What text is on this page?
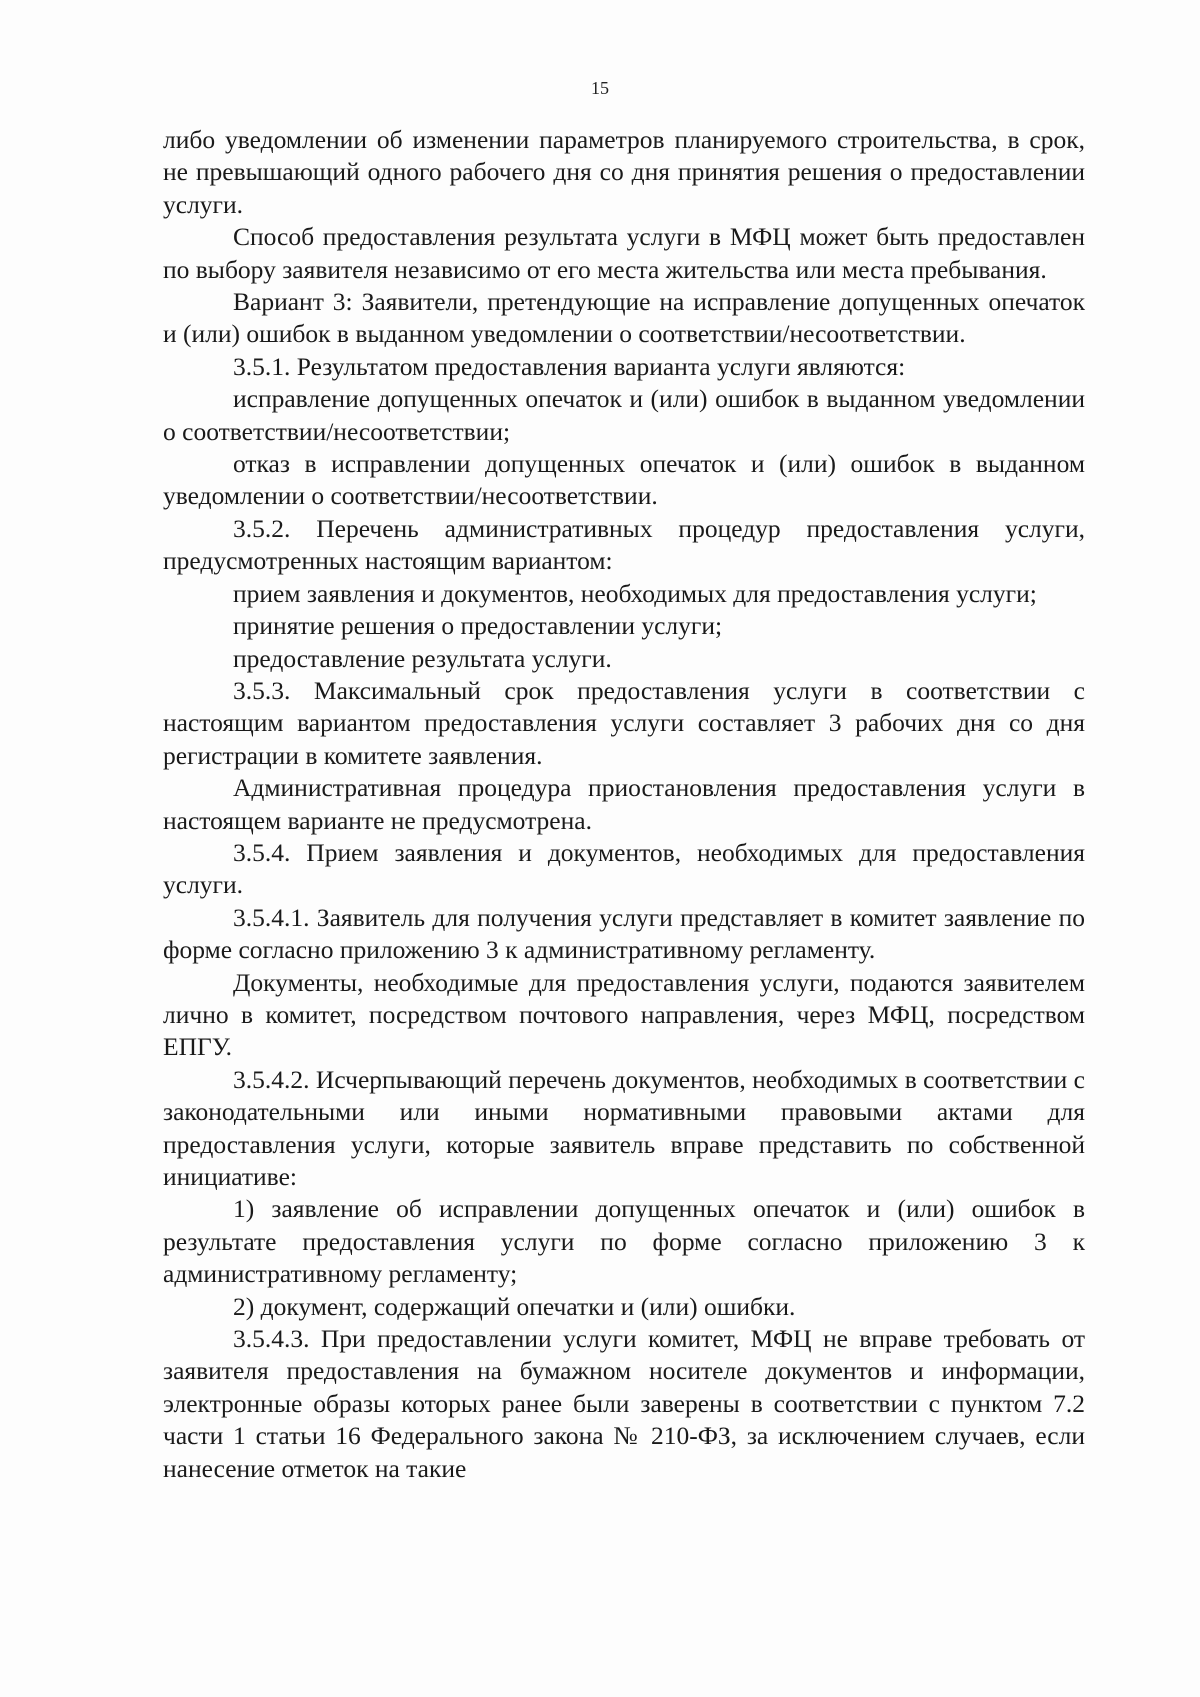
15

либо уведомлении об изменении параметров планируемого строительства, в срок, не превышающий одного рабочего дня со дня принятия решения о предоставлении услуги.

Способ предоставления результата услуги в МФЦ может быть предоставлен по выбору заявителя независимо от его места жительства или места пребывания.

Вариант 3: Заявители, претендующие на исправление допущенных опечаток и (или) ошибок в выданном уведомлении о соответствии/несоответствии.

3.5.1. Результатом предоставления варианта услуги являются:

исправление допущенных опечаток и (или) ошибок в выданном уведомлении о соответствии/несоответствии;

отказ в исправлении допущенных опечаток и (или) ошибок в выданном уведомлении о соответствии/несоответствии.

3.5.2. Перечень административных процедур предоставления услуги, предусмотренных настоящим вариантом:

прием заявления и документов, необходимых для предоставления услуги;

принятие решения о предоставлении услуги;

предоставление результата услуги.

3.5.3. Максимальный срок предоставления услуги в соответствии с настоящим вариантом предоставления услуги составляет 3 рабочих дня со дня регистрации в комитете заявления.

Административная процедура приостановления предоставления услуги в настоящем варианте не предусмотрена.

3.5.4. Прием заявления и документов, необходимых для предоставления услуги.

3.5.4.1. Заявитель для получения услуги представляет в комитет заявление по форме согласно приложению 3 к административному регламенту.

Документы, необходимые для предоставления услуги, подаются заявителем лично в комитет, посредством почтового направления, через МФЦ, посредством ЕПГУ.

3.5.4.2. Исчерпывающий перечень документов, необходимых в соответствии с законодательными или иными нормативными правовыми актами для предоставления услуги, которые заявитель вправе представить по собственной инициативе:

1) заявление об исправлении допущенных опечаток и (или) ошибок в результате предоставления услуги по форме согласно приложению 3 к административному регламенту;

2) документ, содержащий опечатки и (или) ошибки.

3.5.4.3. При предоставлении услуги комитет, МФЦ не вправе требовать от заявителя предоставления на бумажном носителе документов и информации, электронные образы которых ранее были заверены в соответствии с пунктом 7.2 части 1 статьи 16 Федерального закона № 210-ФЗ, за исключением случаев, если нанесение отметок на такие
